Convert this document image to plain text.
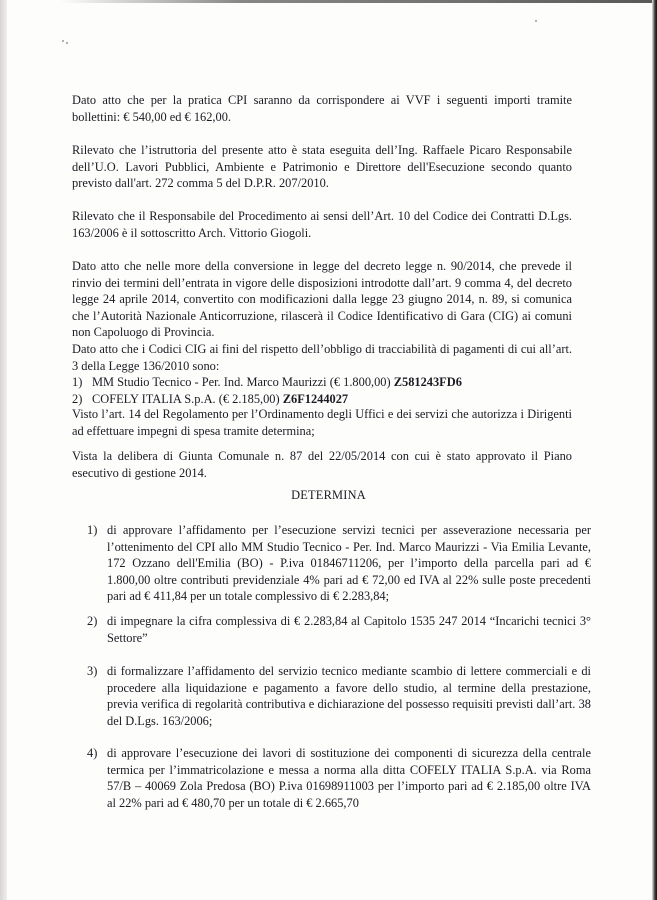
Dato atto che per la pratica CPI saranno da corrispondere ai VVF i seguenti importi tramite bollettini: € 540,00 ed € 162,00.

Rilevato che l’istruttoria del presente atto è stata eseguita dell’Ing. Raffaele Picaro Responsabile dell’U.O. Lavori Pubblici, Ambiente e Patrimonio e Direttore dell'Esecuzione secondo quanto previsto dall'art. 272 comma 5 del D.P.R. 207/2010.

Rilevato che il Responsabile del Procedimento ai sensi dell’Art. 10 del Codice dei Contratti D.Lgs. 163/2006 è il sottoscritto Arch. Vittorio Giogoli.

Dato atto che nelle more della conversione in legge del decreto legge n. 90/2014, che prevede il rinvio dei termini dell’entrata in vigore delle disposizioni introdotte dall’art. 9 comma 4, del decreto legge 24 aprile 2014, convertito con modificazioni dalla legge 23 giugno 2014, n. 89, si comunica che l’Autorità Nazionale Anticorruzione, rilascerà il Codice Identificativo di Gara (CIG) ai comuni non Capoluogo di Provincia.

Dato atto che i Codici CIG ai fini del rispetto dell’obbligo di tracciabilità di pagamenti di cui all’art. 3 della Legge 136/2010 sono:

1) MM Studio Tecnico - Per. Ind. Marco Maurizzi (€ 1.800,00) Z581243FD6
2) COFELY ITALIA S.p.A. (€ 2.185,00) Z6F1244027

Visto l’art. 14 del Regolamento per l’Ordinamento degli Uffici e dei servizi che autorizza i Dirigenti ad effettuare impegni di spesa tramite determina;

Vista la delibera di Giunta Comunale n. 87 del 22/05/2014 con cui è stato approvato il Piano esecutivo di gestione 2014.

DETERMINA
1) di approvare l’affidamento per l’esecuzione servizi tecnici per asseverazione necessaria per l’ottenimento del CPI allo MM Studio Tecnico - Per. Ind. Marco Maurizzi - Via Emilia Levante, 172 Ozzano dell'Emilia (BO) - P.iva 01846711206, per l’importo della parcella pari ad € 1.800,00 oltre contributi previdenziale 4% pari ad € 72,00 ed IVA al 22% sulle poste precedenti pari ad € 411,84 per un totale complessivo di € 2.283,84;
2) di impegnare la cifra complessiva di € 2.283,84 al Capitolo 1535 247 2014 “Incarichi tecnici 3° Settore”
3) di formalizzare l’affidamento del servizio tecnico mediante scambio di lettere commerciali e di procedere alla liquidazione e pagamento a favore dello studio, al termine della prestazione, previa verifica di regolarità contributiva e dichiarazione del possesso requisiti previsti dall’art. 38 del D.Lgs. 163/2006;
4) di approvare l’esecuzione dei lavori di sostituzione dei componenti di sicurezza della centrale termica per l’immatricolazione e messa a norma alla ditta COFELY ITALIA S.p.A. via Roma 57/B – 40069 Zola Predosa (BO) P.iva 01698911003 per l’importo pari ad € 2.185,00 oltre IVA al 22% pari ad € 480,70 per un totale di € 2.665,70
